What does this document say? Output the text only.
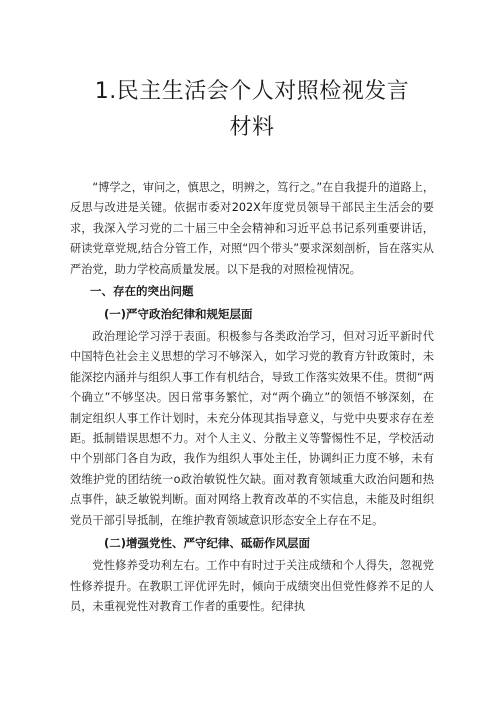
1.民主生活会个人对照检视发言
材料

“博学之，审问之，慎思之，明辨之，笃行之。”在自我提升的道路上，反思与改进是关键。依据市委对202X年度党员领导干部民主生活会的要求，我深入学习党的二十届三中全会精神和习近平总书记系列重要讲话，研读党章党规,结合分管工作，对照“四个带头”要求深刻剖析，旨在落实从严治党，助力学校高质量发展。以下是我的对照检视情况。

一、存在的突出问题
(一)严守政治纪律和规矩层面

政治理论学习浮于表面。积极参与各类政治学习，但对习近平新时代中国特色社会主义思想的学习不够深入，如学习党的教育方针政策时，未能深挖内涵并与组织人事工作有机结合，导致工作落实效果不佳。贯彻“两个确立”不够坚决。因日常事务繁忙，对“两个确立”的领悟不够深刻，在制定组织人事工作计划时，未充分体现其指导意义，与党中央要求存在差距。抵制错误思想不力。对个人主义、分散主义等警惕性不足，学校活动中个别部门各自为政，我作为组织人事处主任，协调纠正力度不够，未有效维护党的团结统一o政治敏锐性欠缺。面对教育领域重大政治问题和热点事件，缺乏敏锐判断。面对网络上教育改革的不实信息，未能及时组织党员干部引导抵制，在维护教育领域意识形态安全上存在不足。

(二)增强党性、严守纪律、砥砺作风层面

党性修养受功利左右。工作中有时过于关注成绩和个人得失，忽视党性修养提升。在教职工评优评先时，倾向于成绩突出但党性修养不足的人员，未重视党性对教育工作者的重要性。纪律执
